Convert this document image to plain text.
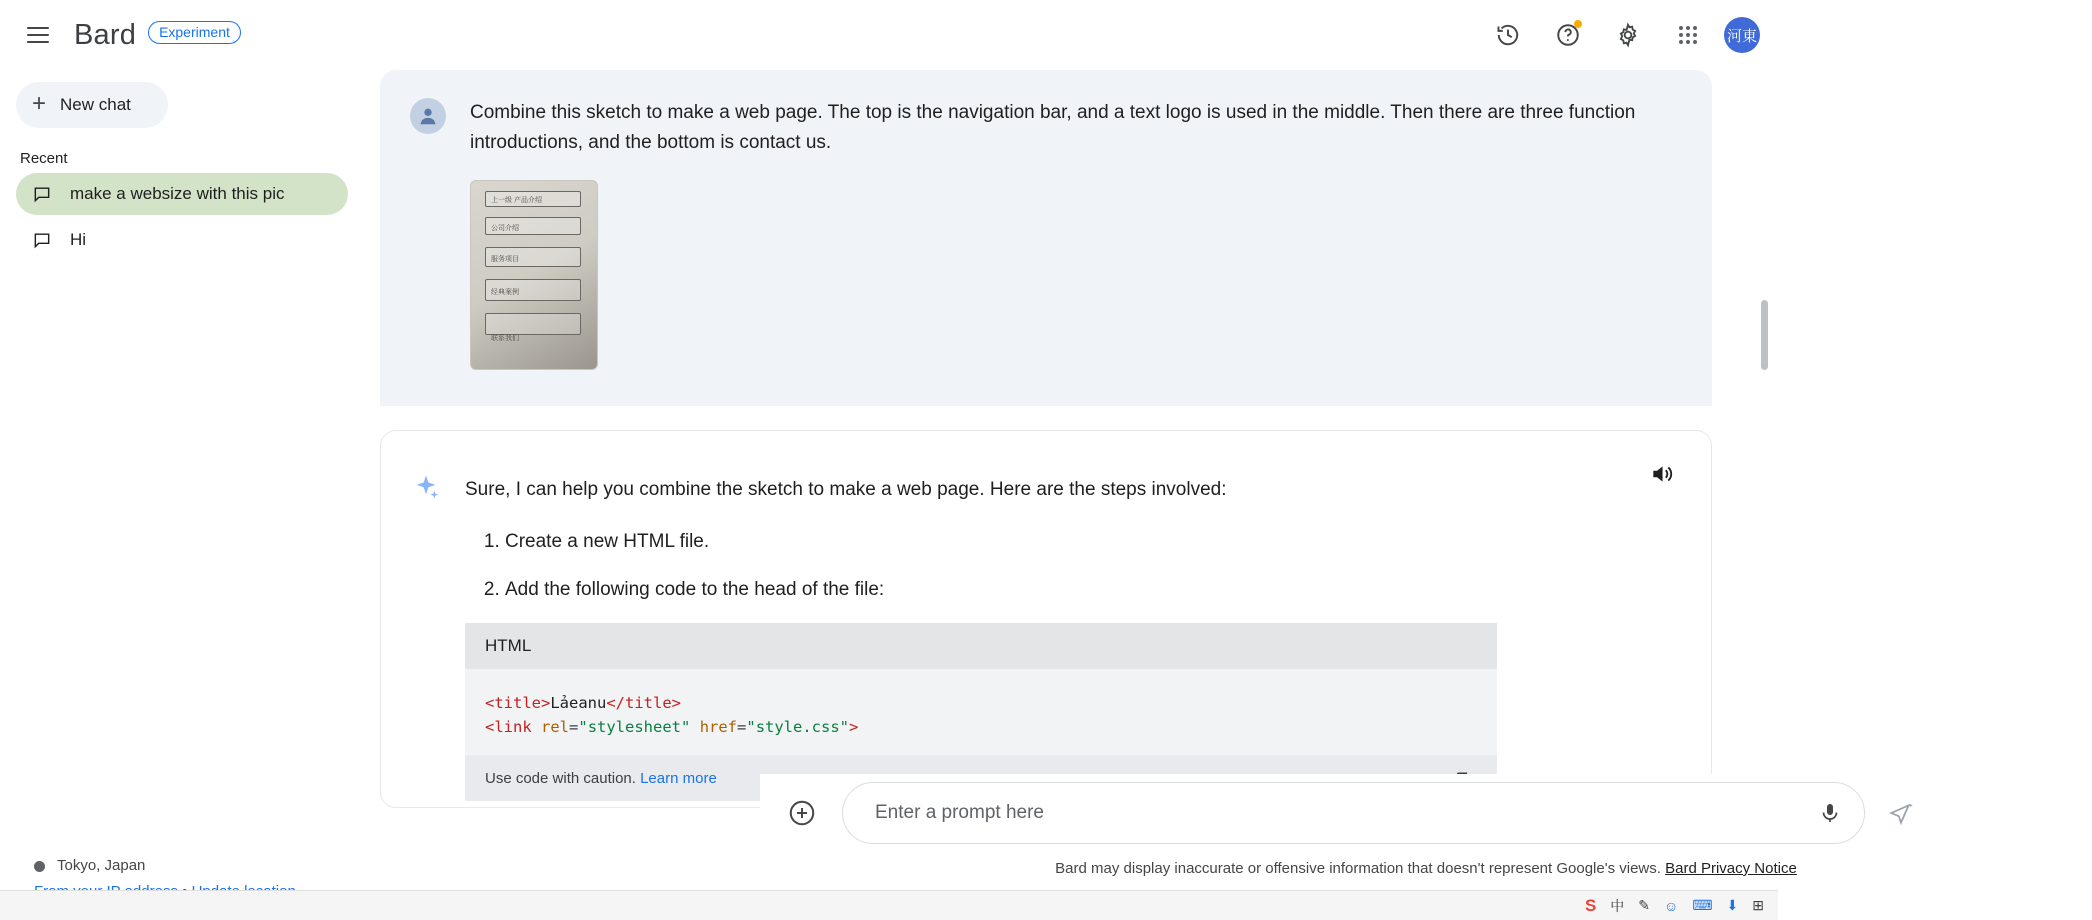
Bard Experiment	河東
+ New chat
Recent
make a websize with this pic
Hi
Tokyo, Japan
Combine this sketch to make a web page. The top is the navigation bar, and a text logo is used in the middle. Then there are three function introductions, and the bottom is contact us.
上一级 产品介绍
公司介绍
服务项目
经典案例
联系我们
Sure, I can help you combine the sketch to make a web page. Here are the steps involved:
1. Create a new HTML file.
2. Add the following code to the head of the file:
HTML
<title>Lảeanu</title>
<link rel="stylesheet" href="style.css">
Use code with caution. Learn more
Enter a prompt here
Bard may display inaccurate or offensive information that doesn't represent Google's views. Bard Privacy Notice
S 中 ✎ ☺ ⌨ ⬇ ⊞
